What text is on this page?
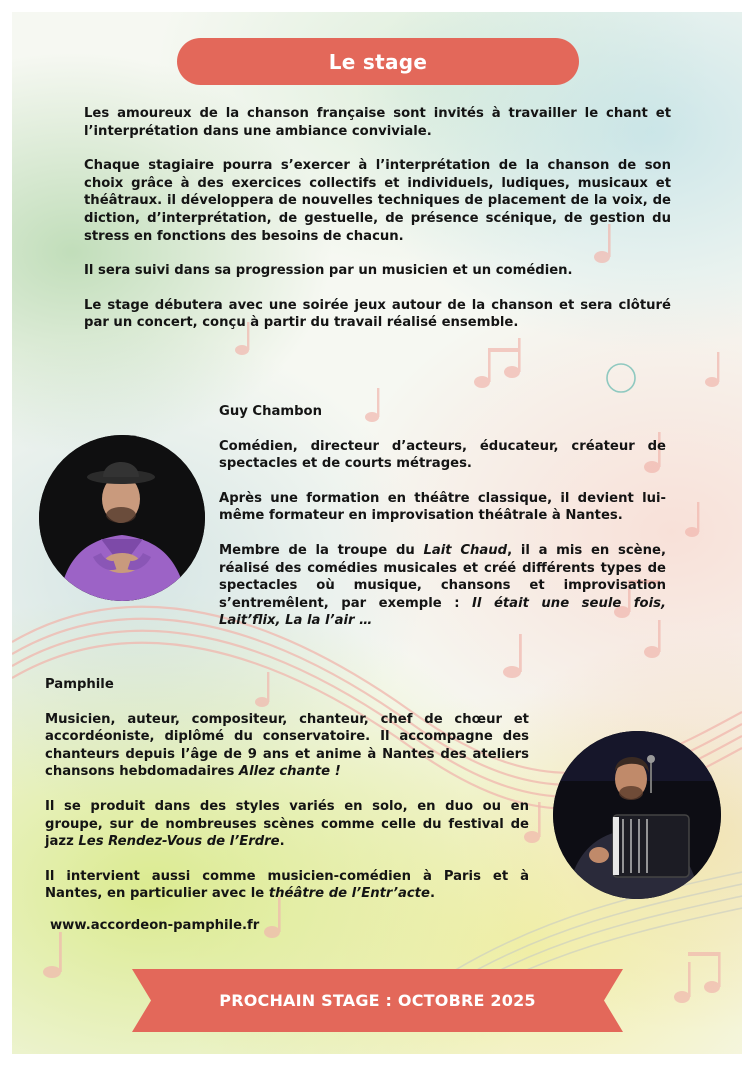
Le stage

Les amoureux de la chanson française sont invités à travailler le chant et l’interprétation dans une ambiance conviviale.

Chaque stagiaire pourra s’exercer à l’interprétation de la chanson de son choix grâce à des exercices collectifs et individuels, ludiques, musicaux et théâtraux. il développera de nouvelles techniques de placement de la voix, de diction, d’interprétation, de gestuelle, de présence scénique, de gestion du stress en fonctions des besoins de chacun.

Il sera suivi dans sa progression par un musicien et un comédien.

Le stage débutera avec une soirée jeux autour de la chanson et sera clôturé par un concert, conçu à partir du travail réalisé ensemble.

Guy Chambon

Comédien, directeur d’acteurs, éducateur, créateur de spectacles et de courts métrages.

Après une formation en théâtre classique, il devient lui-même formateur en improvisation théâtrale à Nantes.

Membre de la troupe du Lait Chaud, il a mis en scène, réalisé des comédies musicales et créé différents types de spectacles où musique, chansons et improvisation s’entremêlent, par exemple : Il était une seule fois, Lait’flix, La la l’air …

Pamphile

Musicien, auteur, compositeur, chanteur, chef de chœur et accordéoniste, diplômé du conservatoire. Il accompagne des chanteurs depuis l’âge de 9 ans et anime à Nantes des ateliers chansons hebdomadaires Allez chante !

Il se produit dans des styles variés en solo, en duo ou en groupe, sur de nombreuses scènes comme celle du festival de jazz Les Rendez-Vous de l’Erdre.

Il intervient aussi comme musicien-comédien à Paris et à Nantes, en particulier avec le théâtre de l’Entr’acte.

www.accordeon-pamphile.fr
PROCHAIN STAGE : OCTOBRE 2025
